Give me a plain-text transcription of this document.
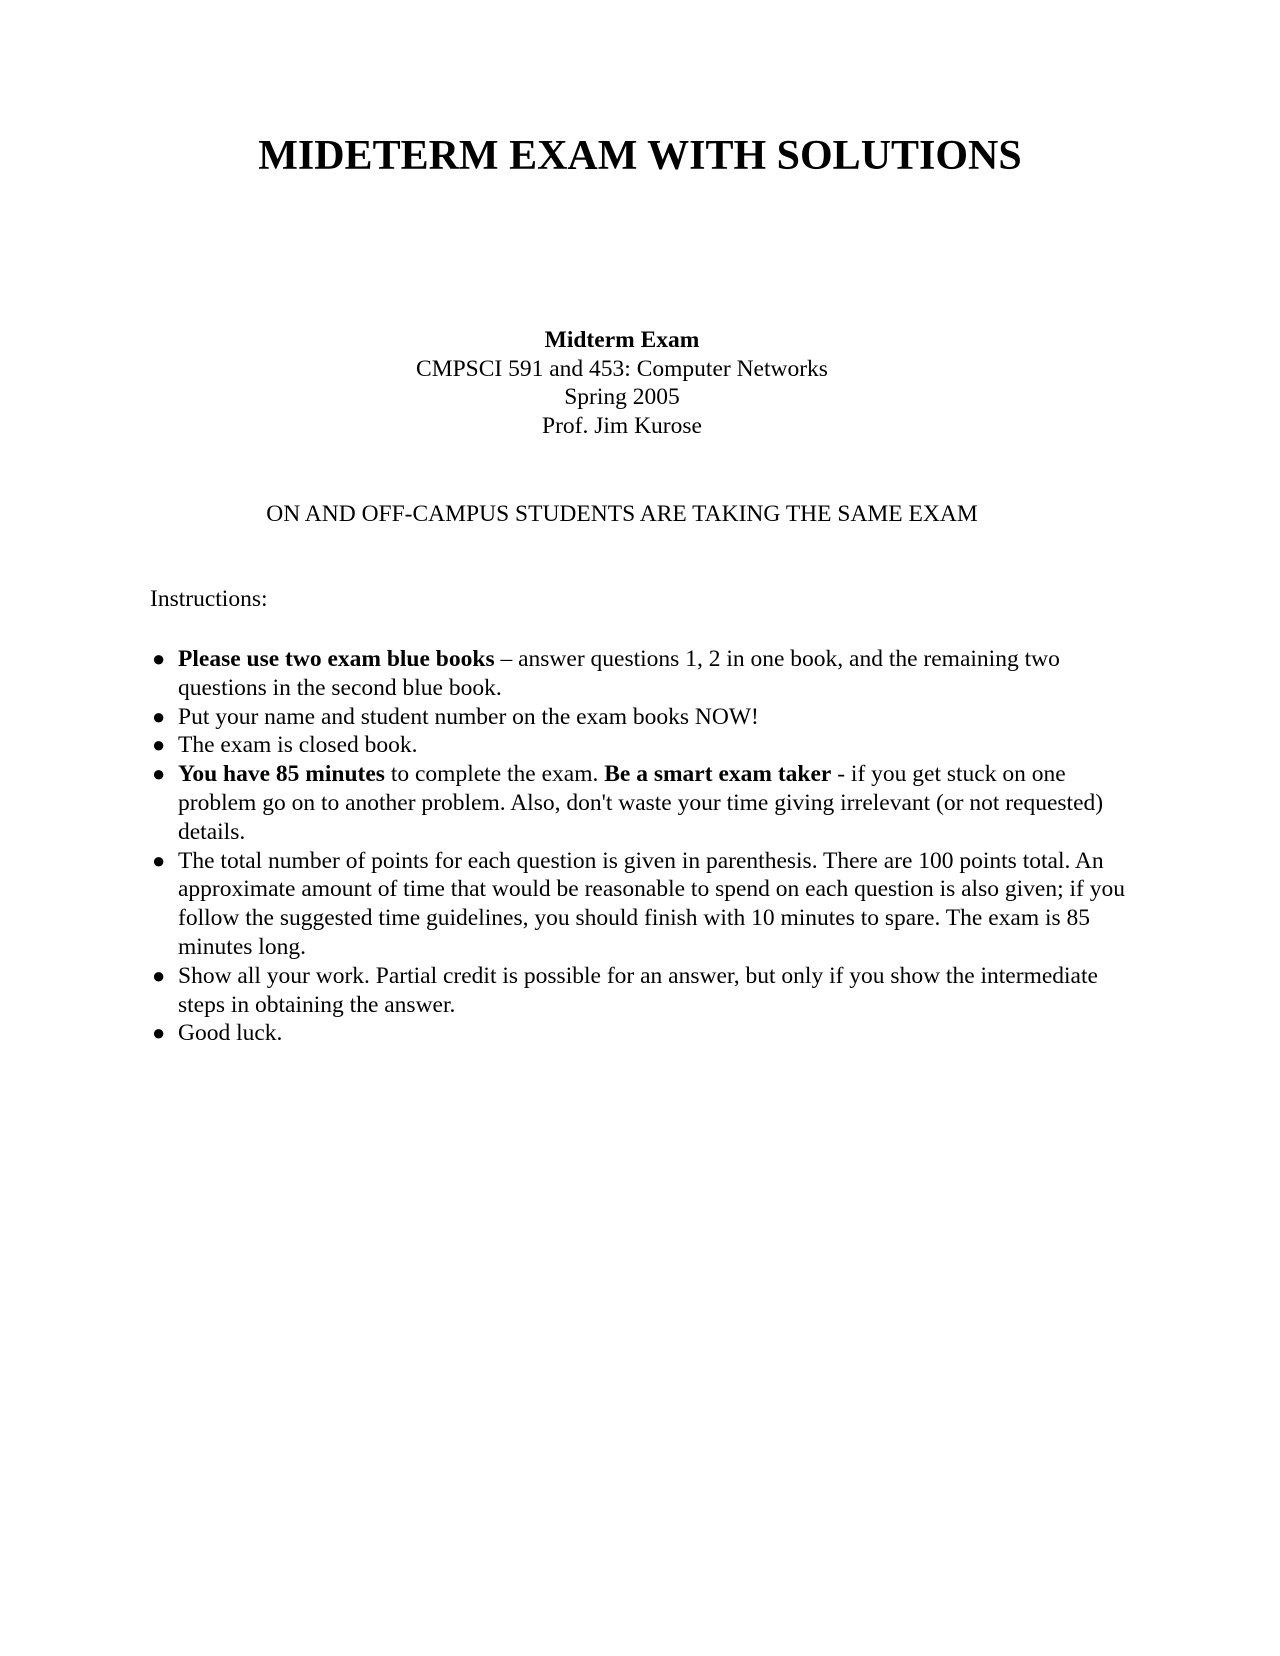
MIDETERM EXAM WITH SOLUTIONS
Midterm Exam
CMPSCI 591 and 453: Computer Networks
Spring 2005
Prof. Jim Kurose
ON AND OFF-CAMPUS STUDENTS ARE TAKING THE SAME EXAM
Instructions:
● Please use two exam blue books – answer questions 1, 2 in one book, and the remaining two questions in the second blue book.
● Put your name and student number on the exam books NOW!
● The exam is closed book.
● You have 85 minutes to complete the exam. Be a smart exam taker - if you get stuck on one problem go on to another problem. Also, don't waste your time giving irrelevant (or not requested) details.
● The total number of points for each question is given in parenthesis. There are 100 points total. An approximate amount of time that would be reasonable to spend on each question is also given; if you follow the suggested time guidelines, you should finish with 10 minutes to spare. The exam is 85 minutes long.
● Show all your work. Partial credit is possible for an answer, but only if you show the intermediate steps in obtaining the answer.
● Good luck.
